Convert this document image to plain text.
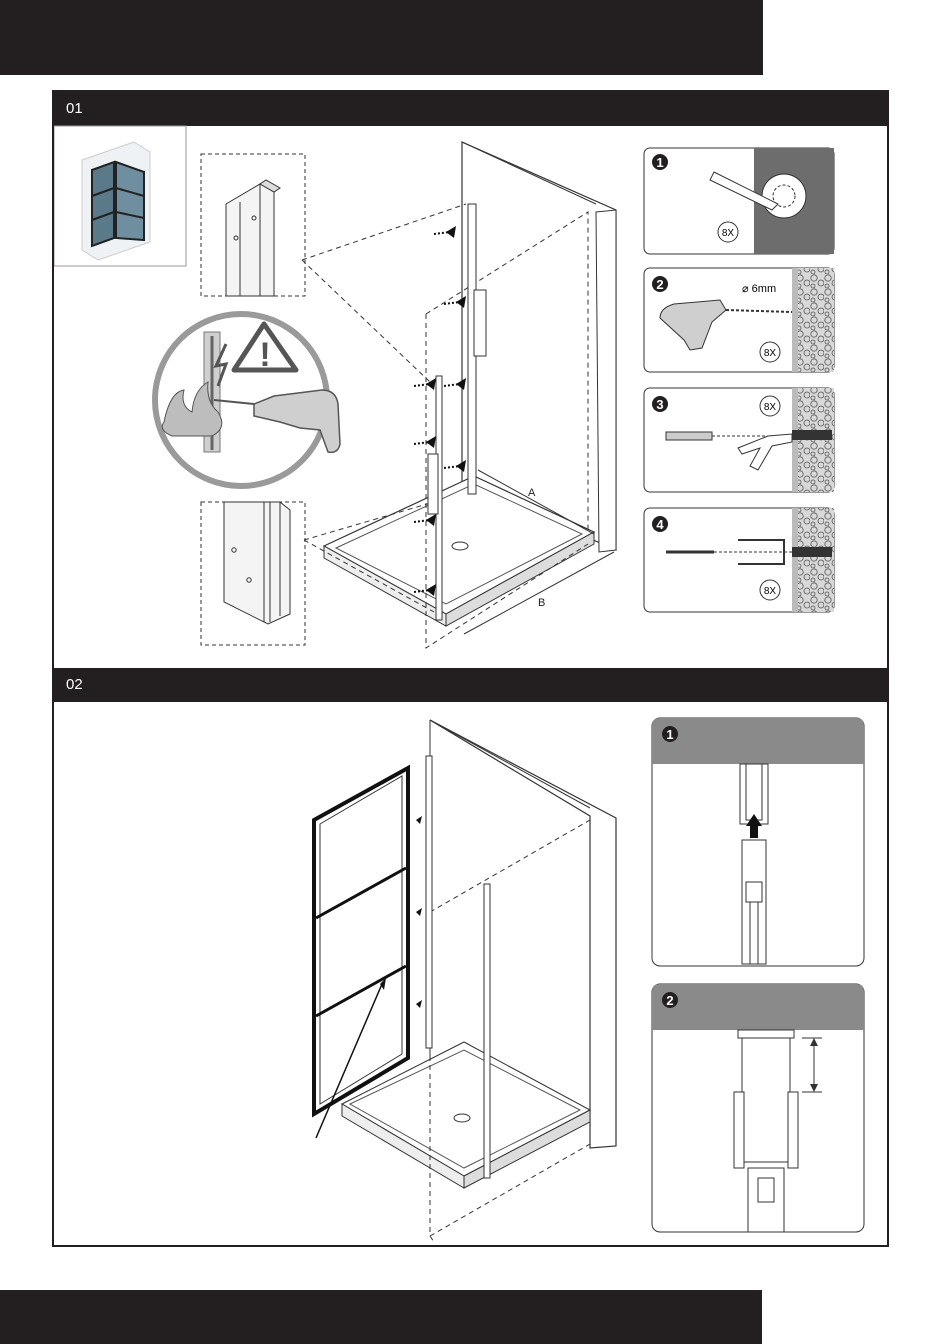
01
02
!
A
B
1
8X
2	⌀ 6mm
8X
3	8X
4
8X
1
2
